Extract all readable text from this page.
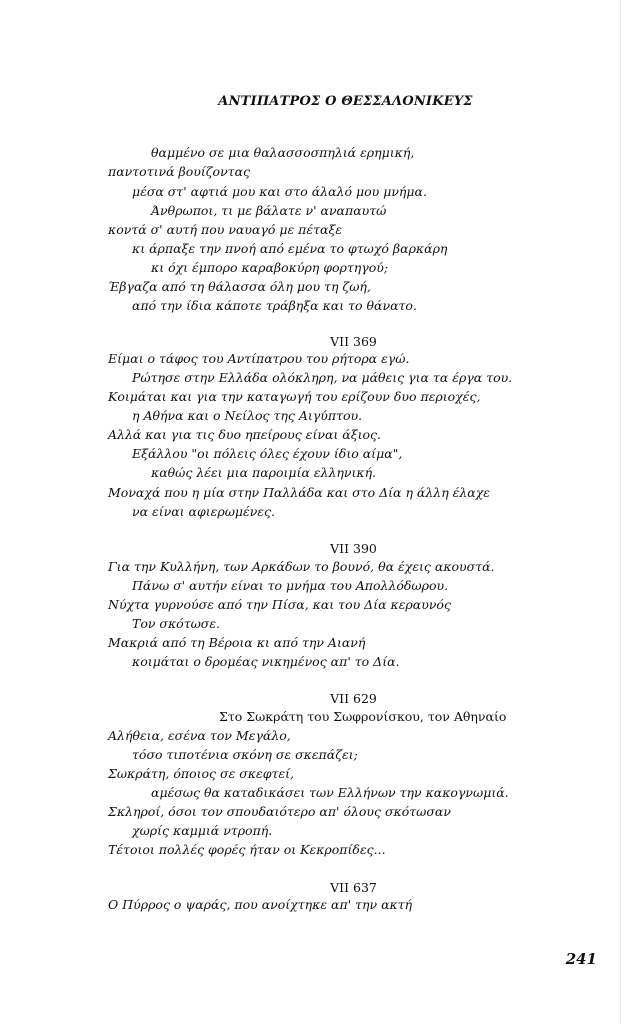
ΑΝΤΙΠΑΤΡΟΣ Ο ΘΕΣΣΑΛΟΝΙΚΕΥΣ
θαμμένο σε μια θαλασσοσπηλιά ερημική,
παντοτινά βουίζοντας
μέσα στ' αφτιά μου και στο άλαλό μου μνήμα.
Άνθρωποι, τι με βάλατε ν' αναπαυτώ
κοντά σ' αυτή που ναυαγό με πέταξε
κι άρπαξε την πνοή από εμένα το φτωχό βαρκάρη
κι όχι έμπορο καραβοκύρη φορτηγού;
Έβγαζα από τη θάλασσα όλη μου τη ζωή,
από την ίδια κάποτε τράβηξα και το θάνατο.
VII 369
Είμαι ο τάφος του Αντίπατρου του ρήτορα εγώ.
Ρώτησε στην Ελλάδα ολόκληρη, να μάθεις για τα έργα του.
Κοιμάται και για την καταγωγή του ερίζουν δυο περιοχές,
η Αθήνα και ο Νείλος της Αιγύπτου.
Αλλά και για τις δυο ηπείρους είναι άξιος.
Εξάλλου "οι πόλεις όλες έχουν ίδιο αίμα",
καθώς λέει μια παροιμία ελληνική.
Μοναχά που η μία στην Παλλάδα και στο Δία η άλλη έλαχε
να είναι αφιερωμένες.
VII 390
Για την Κυλλήνη, των Αρκάδων το βουνό, θα έχεις ακουστά.
Πάνω σ' αυτήν είναι το μνήμα του Απολλόδωρου.
Νύχτα γυρνούσε από την Πίσα, και του Δία κεραυνός
Τον σκότωσε.
Μακριά από τη Βέροια κι από την Αιανή
κοιμάται ο δρομέας νικημένος απ' το Δία.
VII 629
Στο Σωκράτη του Σωφρονίσκου, τον Αθηναίο
Αλήθεια, εσένα τον Μεγάλο,
τόσο τιποτένια σκόνη σε σκεπάζει;
Σωκράτη, όποιος σε σκεφτεί,
αμέσως θα καταδικάσει των Ελλήνων την κακογνωμιά.
Σκληροί, όσοι τον σπουδαιότερο απ' όλους σκότωσαν
χωρίς καμμιά ντροπή.
Τέτοιοι πολλές φορές ήταν οι Κεκροπίδες...
VII 637
Ο Πύρρος ο ψαράς, που ανοίχτηκε απ' την ακτή
241
